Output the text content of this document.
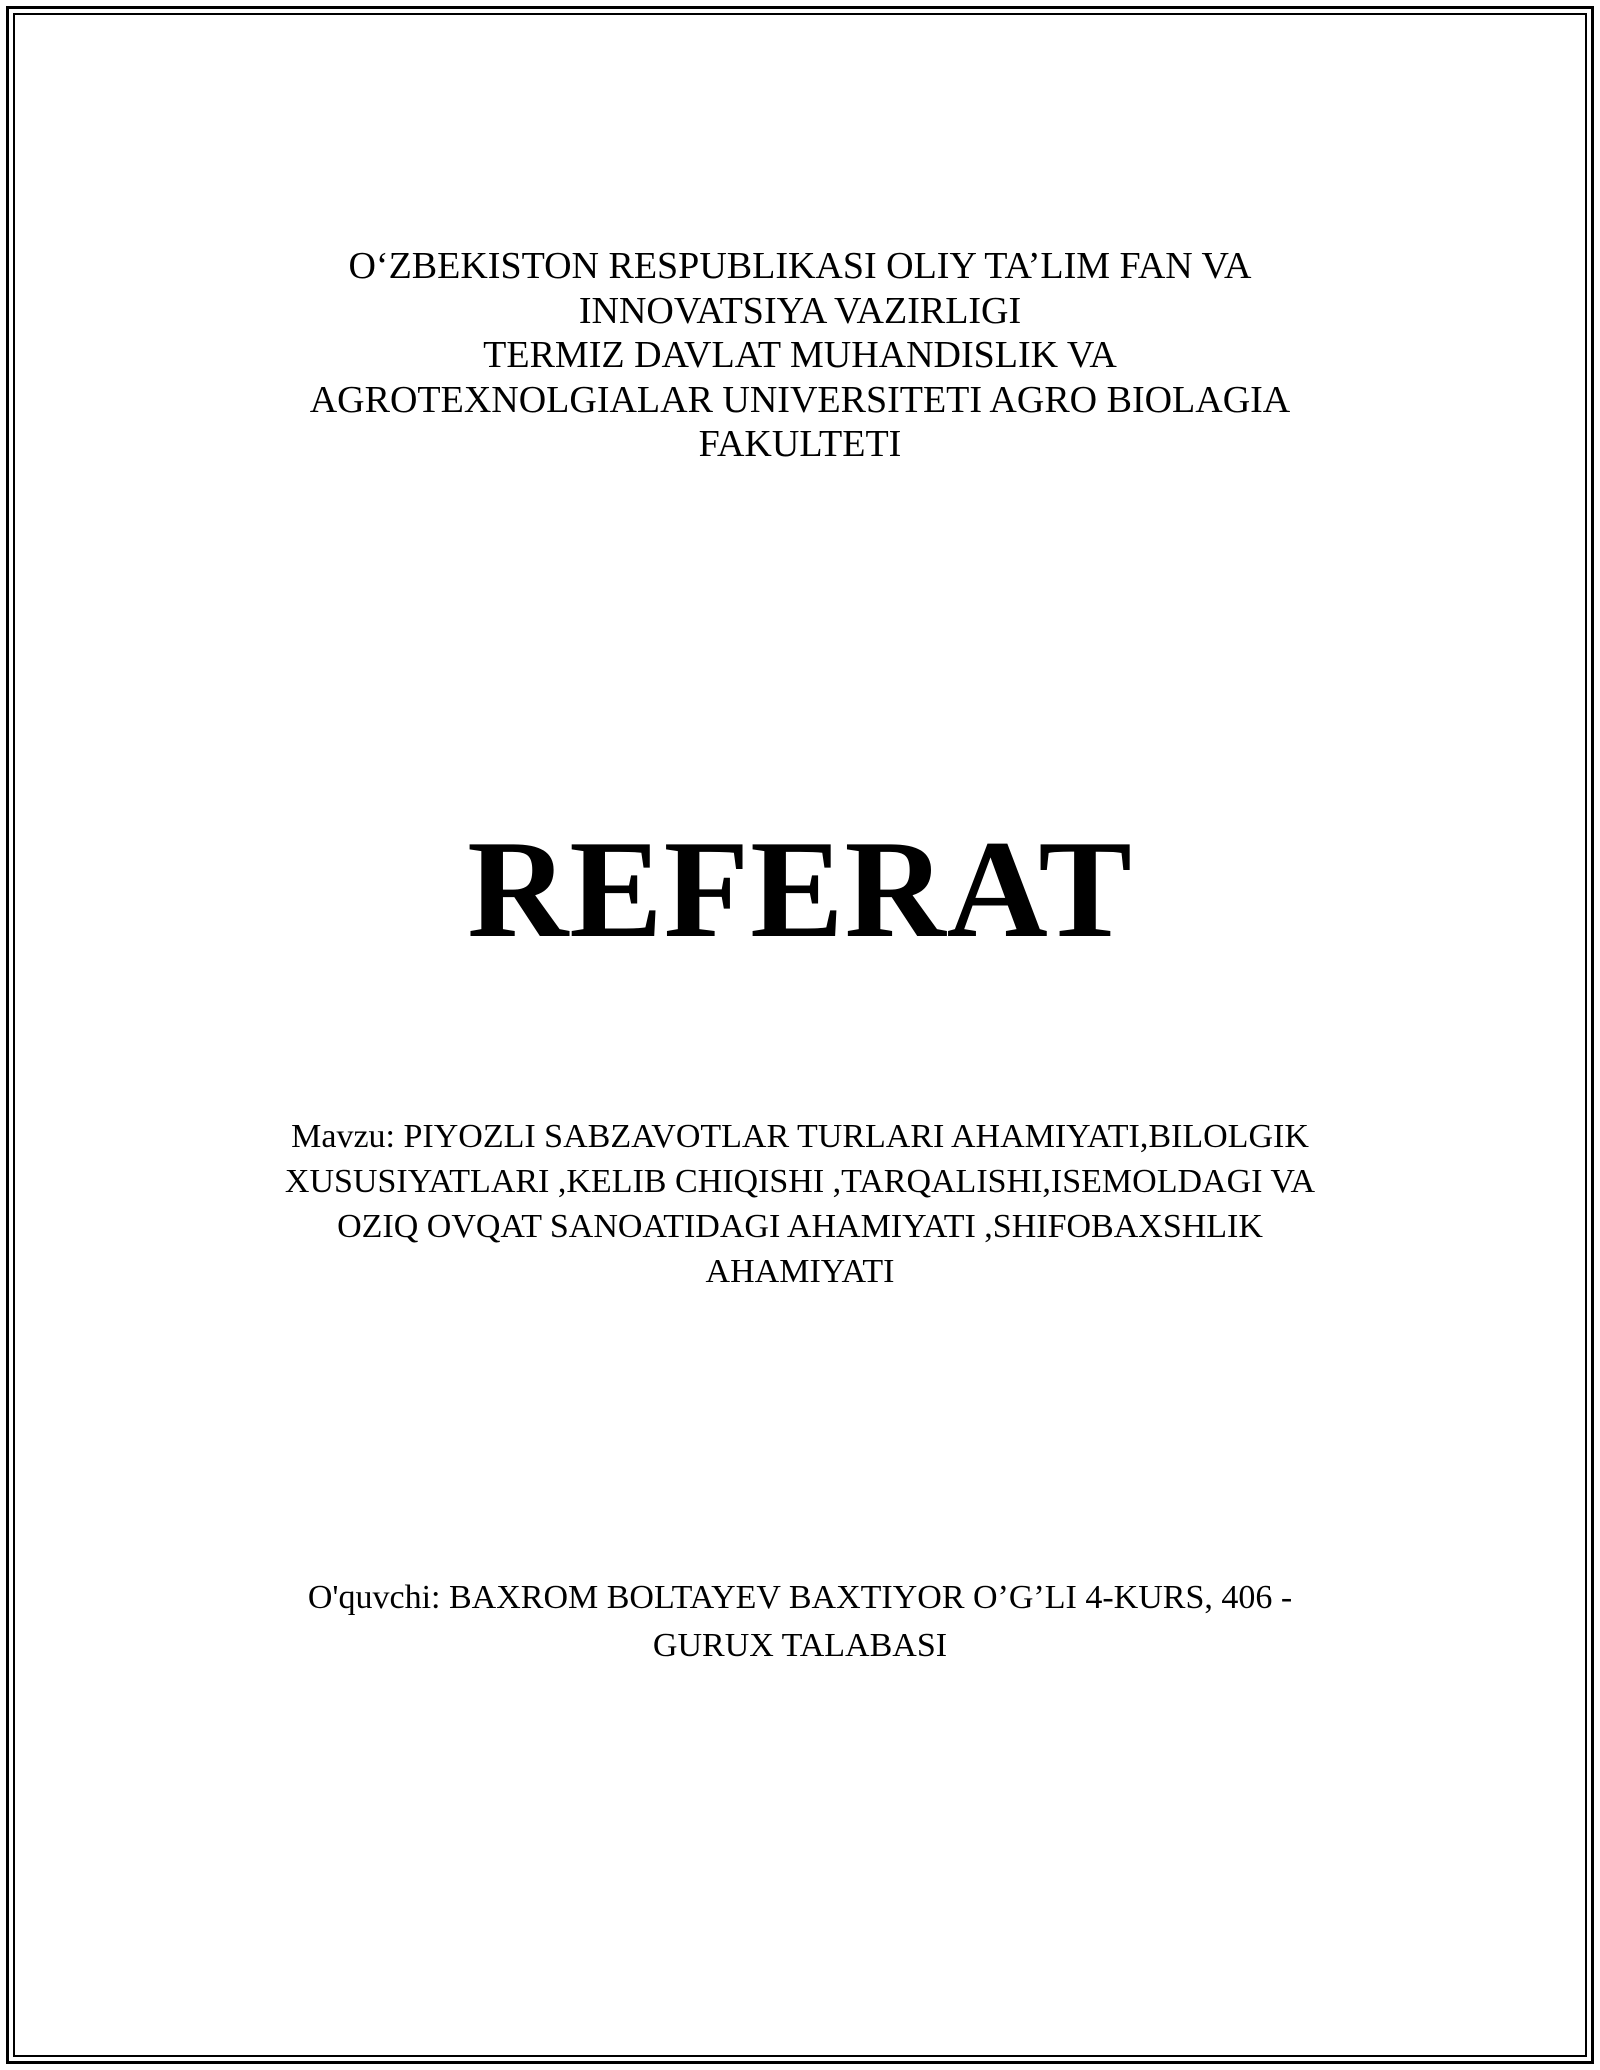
O‘ZBEKISTON RESPUBLIKASI OLIY TA’LIM FAN VA
INNOVATSIYA VAZIRLIGI
TERMIZ DAVLAT MUHANDISLIK VA
AGROTEXNOLGIALAR UNIVERSITETI AGRO BIOLAGIA
FAKULTETI
REFERAT
Mavzu: PIYOZLI SABZAVOTLAR TURLARI AHAMIYATI,BILOLGIK
XUSUSIYATLARI ,KELIB CHIQISHI ,TARQALISHI,ISEMOLDAGI VA
OZIQ OVQAT SANOATIDAGI AHAMIYATI ,SHIFOBAXSHLIK
AHAMIYATI
O'quvchi: BAXROM BOLTAYEV BAXTIYOR O’G’LI 4-KURS, 406 -
GURUX TALABASI
